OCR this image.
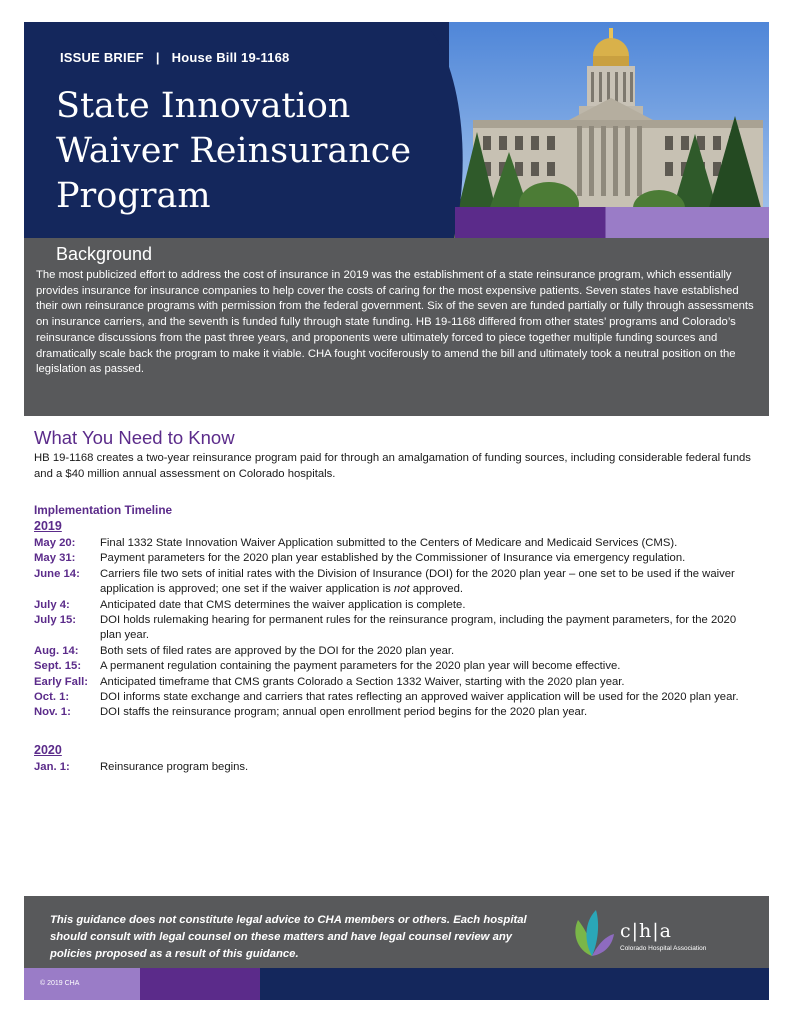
ISSUE BRIEF | House Bill 19-1168
State Innovation
Waiver Reinsurance
Program
Background

The most publicized effort to address the cost of insurance in 2019 was the establishment of a state reinsurance program, which essentially provides insurance for insurance companies to help cover the costs of caring for the most expensive patients. Seven states have established their own reinsurance programs with permission from the federal government. Six of the seven are funded partially or fully through assessments on insurance carriers, and the seventh is funded fully through state funding. HB 19-1168 differed from other states’ programs and Colorado’s reinsurance discussions from the past three years, and proponents were ultimately forced to piece together multiple funding sources and dramatically scale back the program to make it viable. CHA fought vociferously to amend the bill and ultimately took a neutral position on the legislation as passed.

What You Need to Know

HB 19-1168 creates a two-year reinsurance program paid for through an amalgamation of funding sources, including considerable federal funds and a $40 million annual assessment on Colorado hospitals.

Implementation Timeline

2019

May 20:	Final 1332 State Innovation Waiver Application submitted to the Centers of Medicare and Medicaid Services (CMS).
May 31:	Payment parameters for the 2020 plan year established by the Commissioner of Insurance via emergency regulation.
June 14:	Carriers file two sets of initial rates with the Division of Insurance (DOI) for the 2020 plan year – one set to be used if the waiver application is approved; one set if the waiver application is not approved.
July 4:	Anticipated date that CMS determines the waiver application is complete.
July 15:	DOI holds rulemaking hearing for permanent rules for the reinsurance program, including the payment parameters, for the 2020 plan year.
Aug. 14:	Both sets of filed rates are approved by the DOI for the 2020 plan year.
Sept. 15:	A permanent regulation containing the payment parameters for the 2020 plan year will become effective.
Early Fall:	Anticipated timeframe that CMS grants Colorado a Section 1332 Waiver, starting with the 2020 plan year.
Oct. 1:	DOI informs state exchange and carriers that rates reflecting an approved waiver application will be used for the 2020 plan year.
Nov. 1:	DOI staffs the reinsurance program; annual open enrollment period begins for the 2020 plan year.

2020

Jan. 1:	Reinsurance program begins.

This guidance does not constitute legal advice to CHA members or others. Each hospital should consult with legal counsel on these matters and have legal counsel review any policies proposed as a result of this guidance.

c|h|a
Colorado Hospital Association
© 2019 CHA
